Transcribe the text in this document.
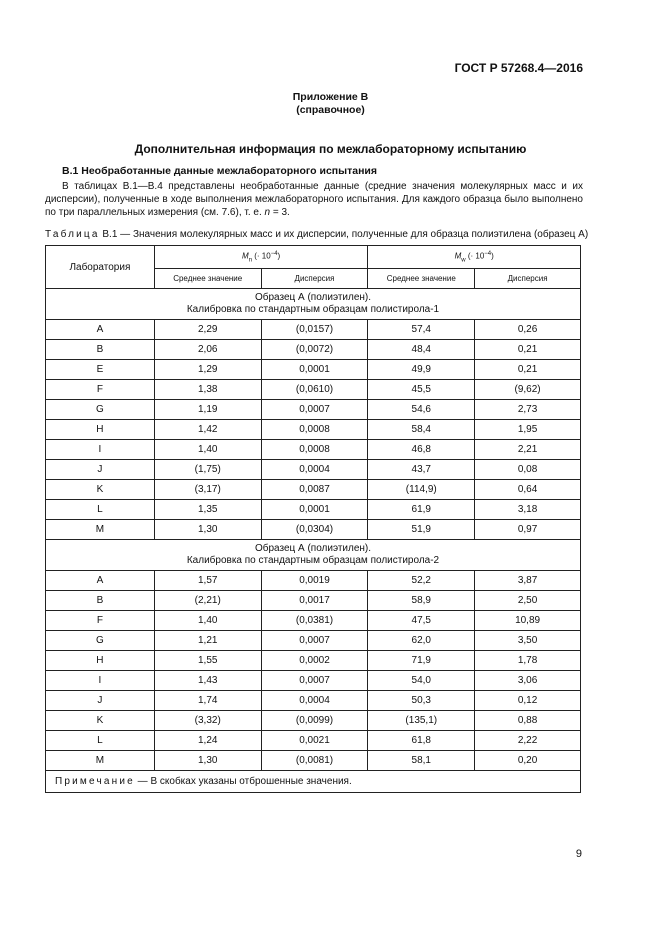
ГОСТ Р 57268.4—2016
Приложение В
(справочное)
Дополнительная информация по межлабораторному испытанию
В.1 Необработанные данные межлабораторного испытания

В таблицах В.1—В.4 представлены необработанные данные (средние значения молекулярных масс и их дисперсии), полученные в ходе выполнения межлабораторного испытания. Для каждого образца было выполнено по три параллельных измерения (см. 7.6), т. е. n = 3.

Таблица В.1 — Значения молекулярных масс и их дисперсии, полученные для образца полиэтилена (образец А)
Лаборатория	$M_n$ (· $10^{-4}$)		$M_w$ (· $10^{-4}$)	
	Среднее значение	Дисперсия	Среднее значение	Дисперсия

Образец А (полиэтилен).
Калибровка по стандартным образцам полистирола-1				

A	2,29	(0,0157)	57,4	0,26
B	2,06	(0,0072)	48,4	0,21
E	1,29	0,0001	49,9	0,21
F	1,38	(0,0610)	45,5	(9,62)
G	1,19	0,0007	54,6	2,73
H	1,42	0,0008	58,4	1,95
I	1,40	0,0008	46,8	2,21
J	(1,75)	0,0004	43,7	0,08
K	(3,17)	0,0087	(114,9)	0,64
L	1,35	0,0001	61,9	3,18
M	1,30	(0,0304)	51,9	0,97

Образец А (полиэтилен).
Калибровка по стандартным образцам полистирола-2				

A	1,57	0,0019	52,2	3,87
B	(2,21)	0,0017	58,9	2,50
F	1,40	(0,0381)	47,5	10,89
G	1,21	0,0007	62,0	3,50
H	1,55	0,0002	71,9	1,78
I	1,43	0,0007	54,0	3,06
J	1,74	0,0004	50,3	0,12
K	(3,32)	(0,0099)	(135,1)	0,88
L	1,24	0,0021	61,8	2,22
M	1,30	(0,0081)	58,1	0,20
Примечание — В скобках указаны отброшенные значения.				
9
